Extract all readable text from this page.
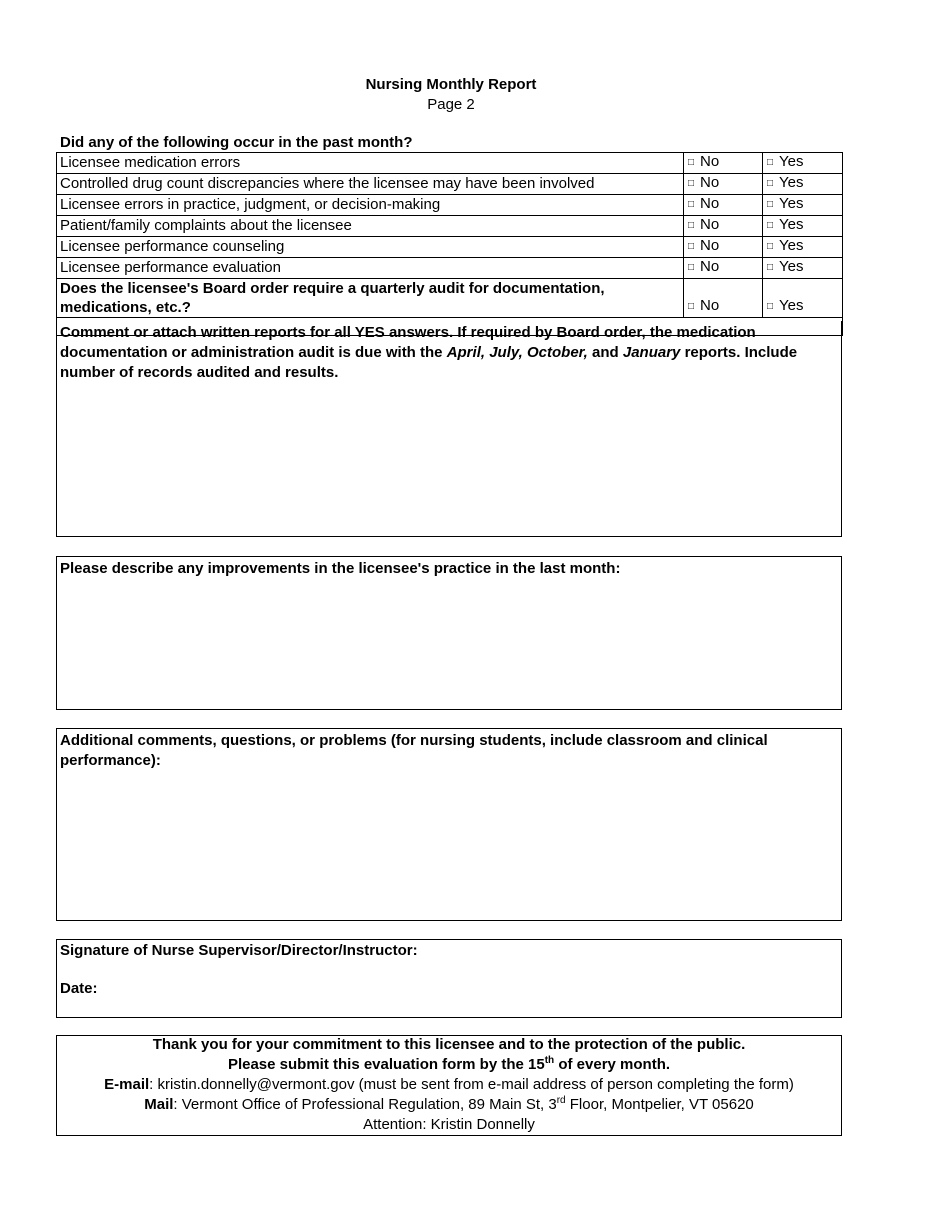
Nursing Monthly Report
Page 2
Did any of the following occur in the past month?
Licensee medication errors	□ No	□ Yes
Controlled drug count discrepancies where the licensee may have been involved	□ No	□ Yes
Licensee errors in practice, judgment, or decision-making	□ No	□ Yes
Patient/family complaints about the licensee	□ No	□ Yes
Licensee performance counseling	□ No	□ Yes
Licensee performance evaluation	□ No	□ Yes
Does the licensee's Board order require a quarterly audit for documentation, medications, etc.?	□ No	□ Yes

Comment or attach written reports for all YES answers. If required by Board order, the medication documentation or administration audit is due with the April, July, October, and January reports. Include number of records audited and results.
Please describe any improvements in the licensee's practice in the last month:
Additional comments, questions, or problems (for nursing students, include classroom and clinical performance):
Signature of Nurse Supervisor/Director/Instructor:
Date:
Thank you for your commitment to this licensee and to the protection of the public.
Please submit this evaluation form by the 15th of every month.
E-mail: kristin.donnelly@vermont.gov (must be sent from e-mail address of person completing the form)
Mail: Vermont Office of Professional Regulation, 89 Main St, 3rd Floor, Montpelier, VT 05620
Attention: Kristin Donnelly
